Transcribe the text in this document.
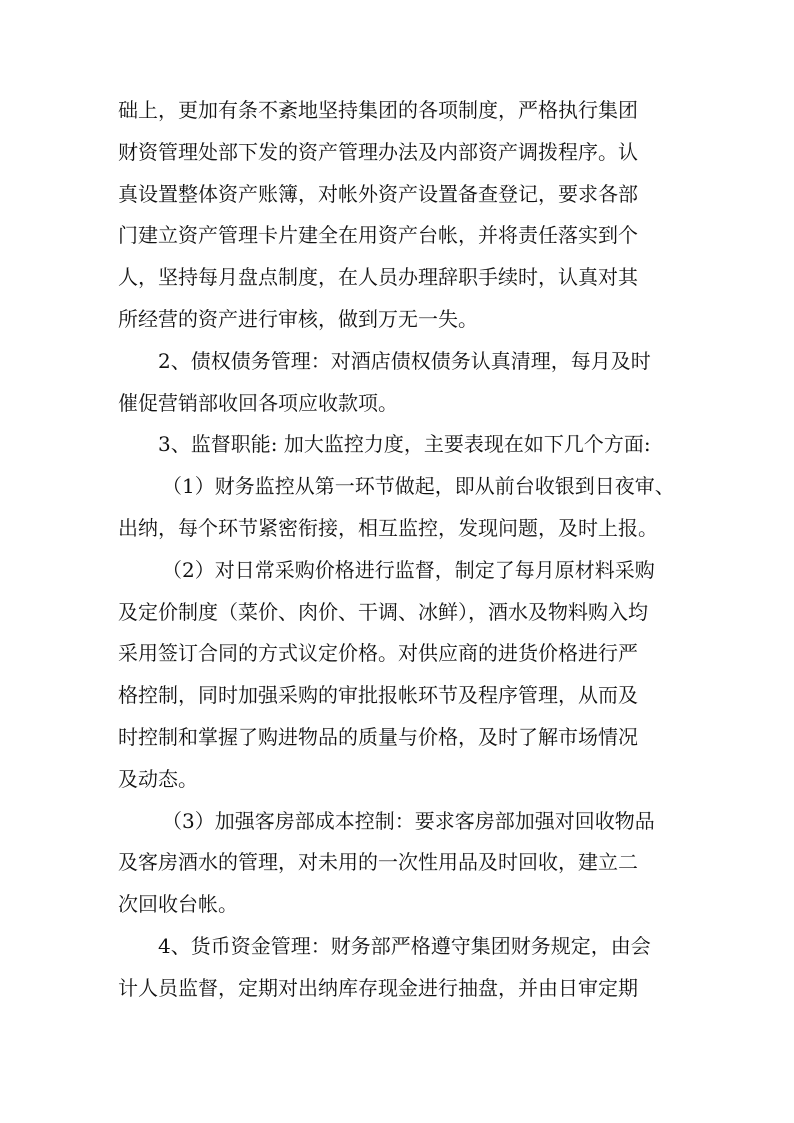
础上，更加有条不紊地坚持集团的各项制度，严格执行集团
财资管理处部下发的资产管理办法及内部资产调拨程序。认
真设置整体资产账簿，对帐外资产设置备查登记，要求各部
门建立资产管理卡片建全在用资产台帐，并将责任落实到个
人，坚持每月盘点制度，在人员办理辞职手续时，认真对其
所经营的资产进行审核，做到万无一失。
2、债权债务管理：对酒店债权债务认真清理，每月及时
催促营销部收回各项应收款项。
3、监督职能: 加大监控力度，主要表现在如下几个方面:
（1）财务监控从第一环节做起，即从前台收银到日夜审、
出纳，每个环节紧密衔接，相互监控，发现问题，及时上报。
（2）对日常采购价格进行监督，制定了每月原材料采购
及定价制度（菜价、肉价、干调、冰鲜），酒水及物料购入均
采用签订合同的方式议定价格。对供应商的进货价格进行严
格控制，同时加强采购的审批报帐环节及程序管理，从而及
时控制和掌握了购进物品的质量与价格，及时了解市场情况
及动态。
（3）加强客房部成本控制：要求客房部加强对回收物品
及客房酒水的管理，对未用的一次性用品及时回收，建立二
次回收台帐。
4、货币资金管理：财务部严格遵守集团财务规定，由会
计人员监督，定期对出纳库存现金进行抽盘，并由日审定期
